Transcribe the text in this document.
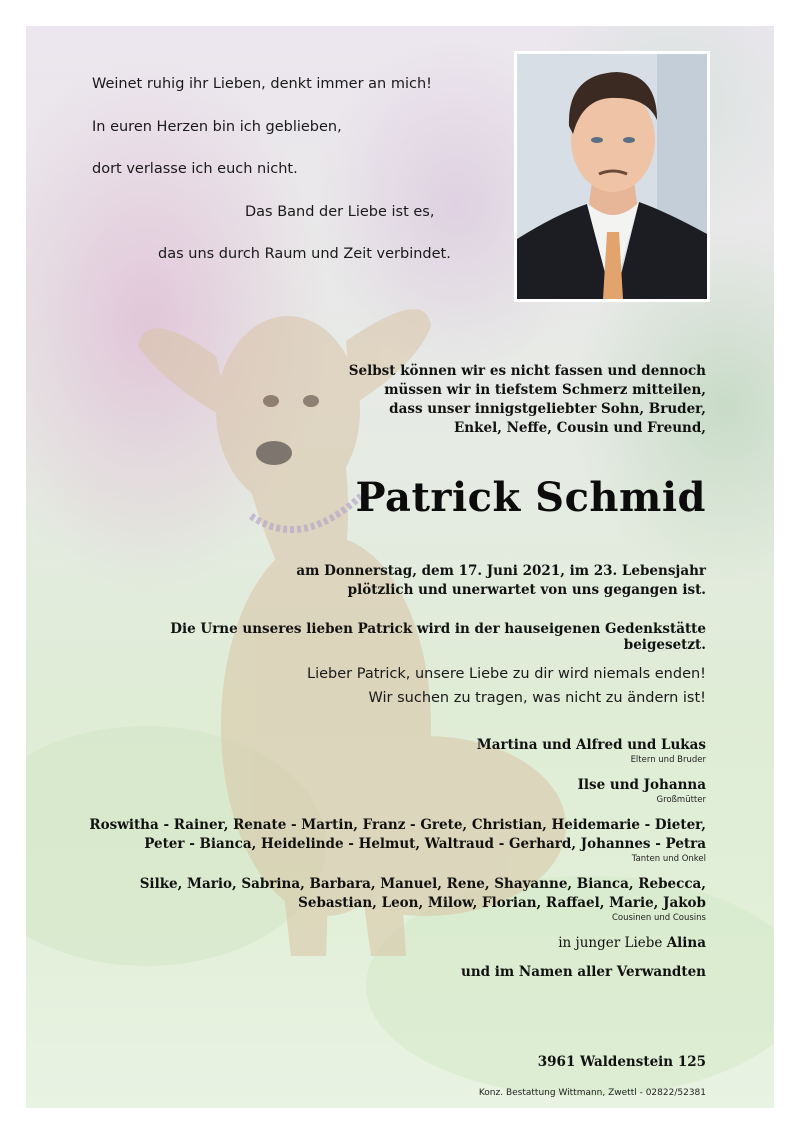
Weinet ruhig ihr Lieben, denkt immer an mich!
In euren Herzen bin ich geblieben,
dort verlasse ich euch nicht.
Das Band der Liebe ist es,
das uns durch Raum und Zeit verbindet.
Selbst können wir es nicht fassen und dennoch
müssen wir in tiefstem Schmerz mitteilen,
dass unser innigstgeliebter Sohn, Bruder,
Enkel, Neffe, Cousin und Freund,
Patrick Schmid
am Donnerstag, dem 17. Juni 2021, im 23. Lebensjahr
plötzlich und unerwartet von uns gegangen ist.
Die Urne unseres lieben Patrick wird in der hauseigenen Gedenkstätte beigesetzt.
Lieber Patrick, unsere Liebe zu dir wird niemals enden!
Wir suchen zu tragen, was nicht zu ändern ist!
Martina und Alfred und Lukas
Eltern und Bruder
Ilse und Johanna
Großmütter
Roswitha - Rainer, Renate - Martin, Franz - Grete, Christian, Heidemarie - Dieter,
Peter - Bianca, Heidelinde - Helmut, Waltraud - Gerhard, Johannes - Petra
Tanten und Onkel
Silke, Mario, Sabrina, Barbara, Manuel, Rene, Shayanne, Bianca, Rebecca,
Sebastian, Leon, Milow, Florian, Raffael, Marie, Jakob
Cousinen und Cousins
in junger Liebe Alina
und im Namen aller Verwandten
3961 Waldenstein 125
Konz. Bestattung Wittmann, Zwettl - 02822/52381
